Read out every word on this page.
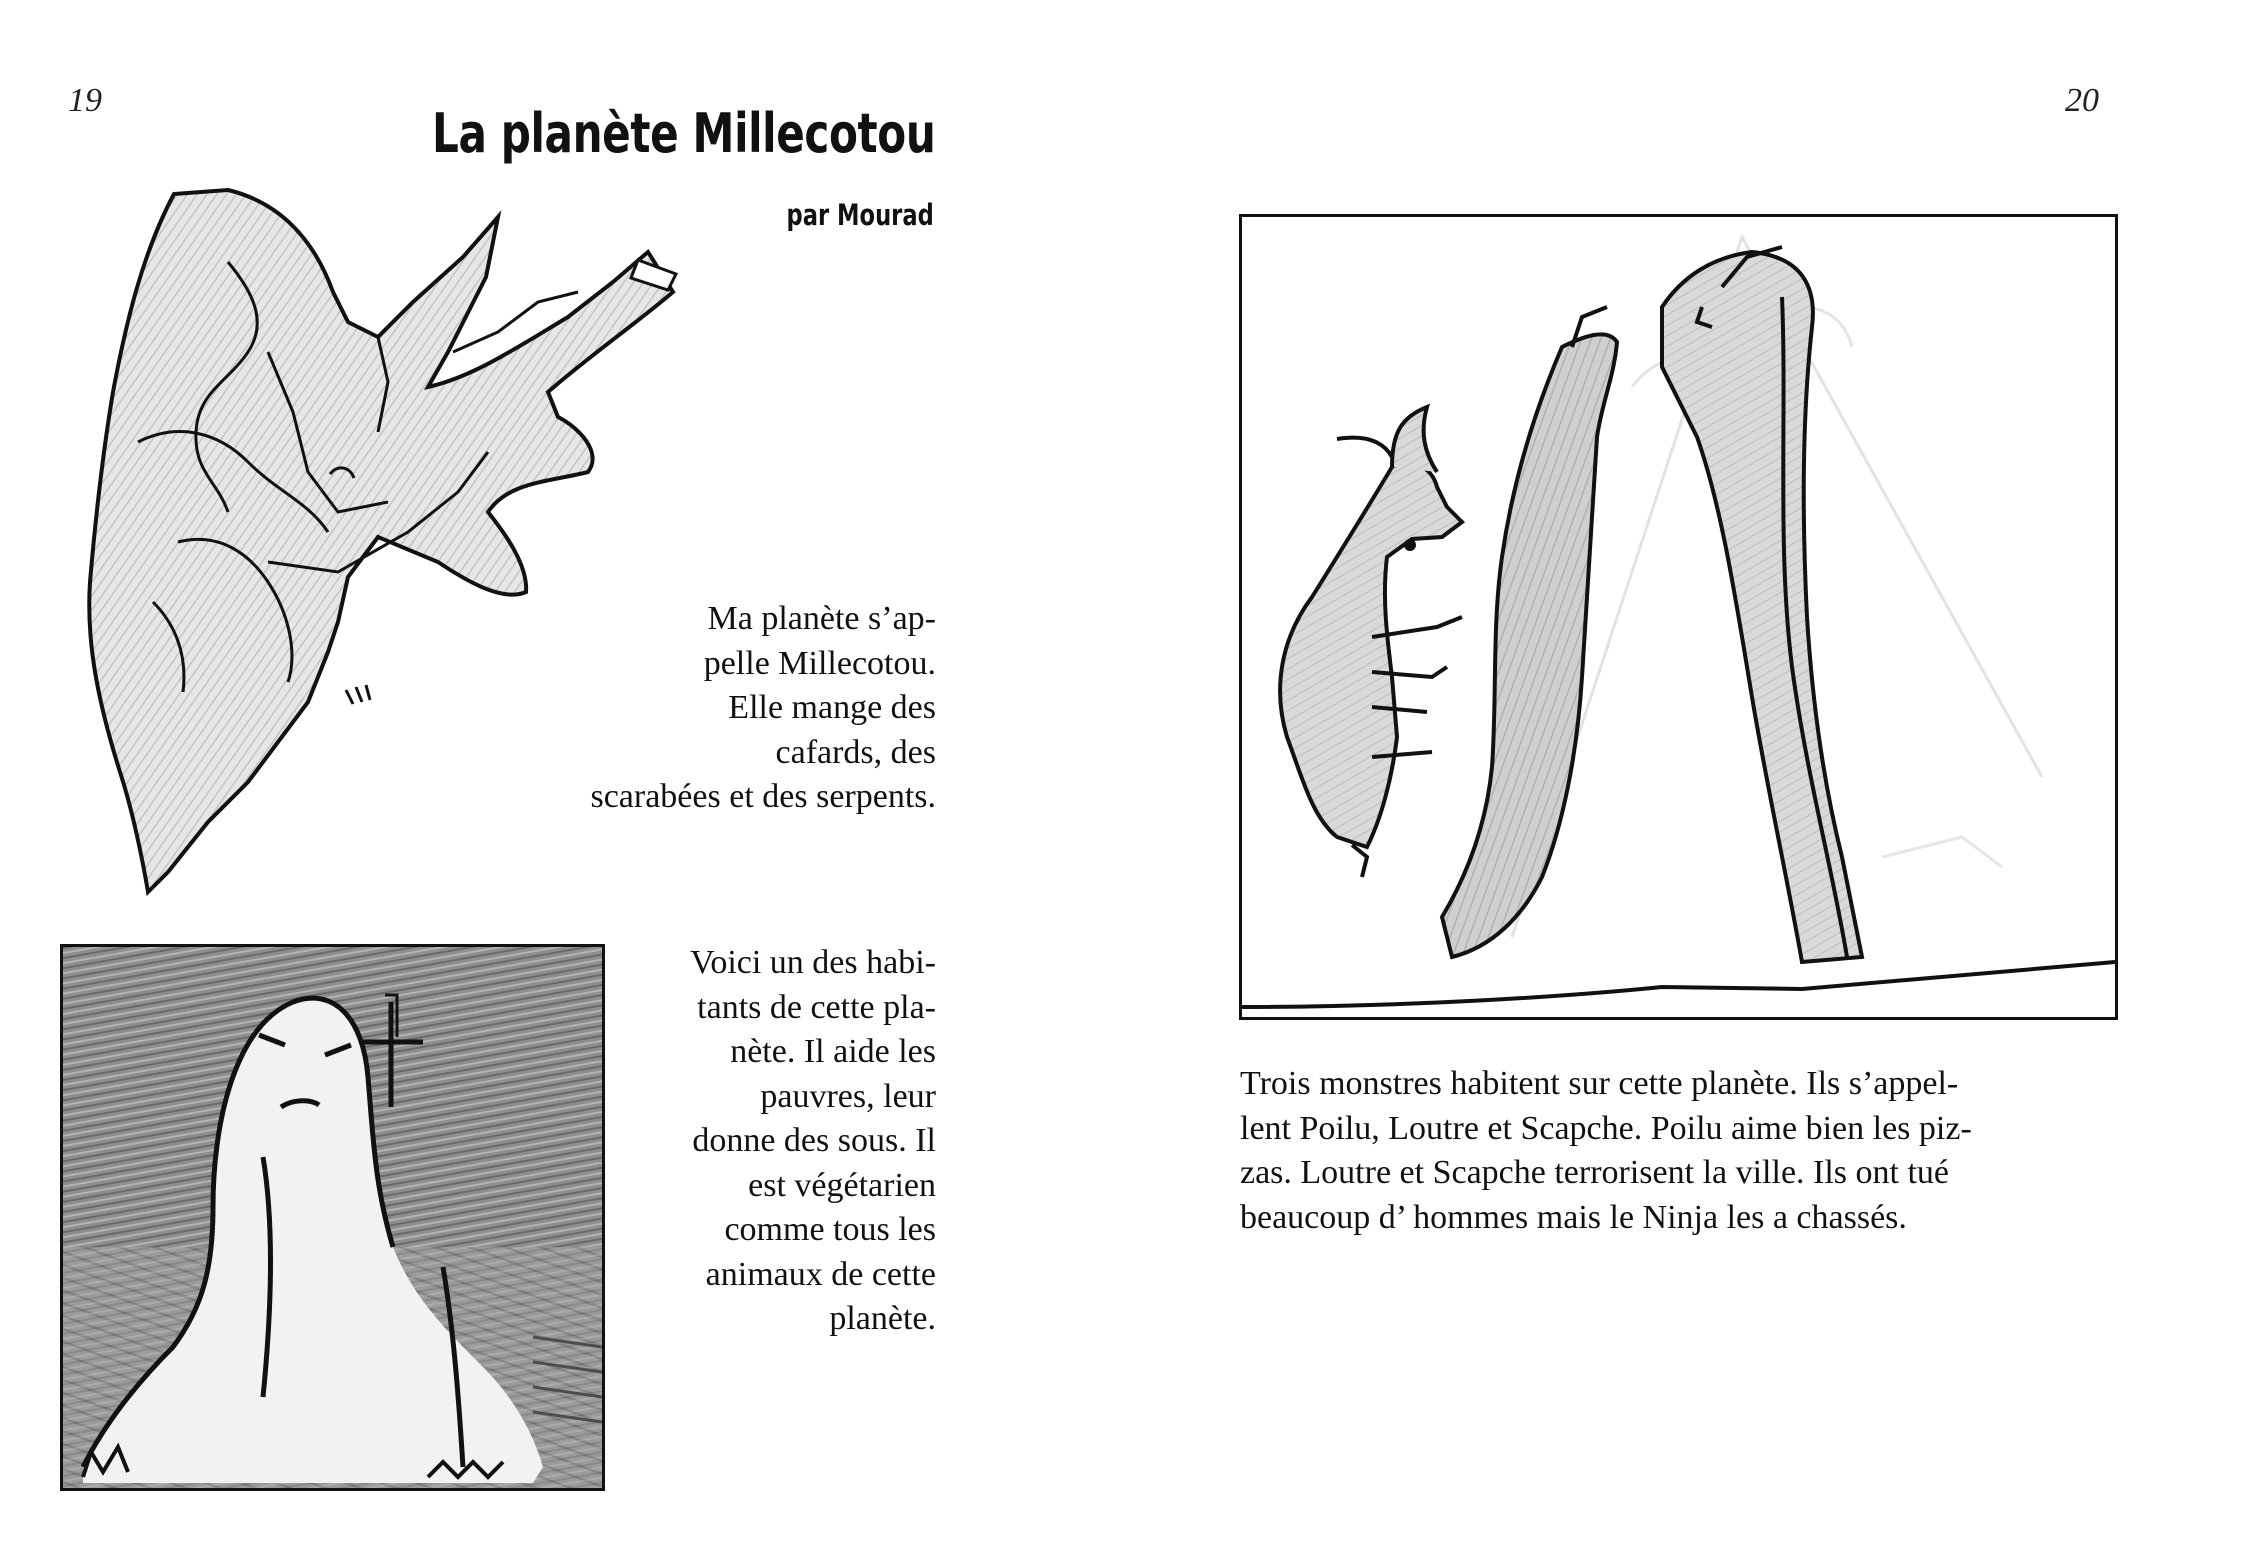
19
La planète Millecotou
par Mourad
Ma planète s’ap-
pelle Millecotou.
Elle mange des
cafards, des
scarabées et des serpents.
Voici un des habi-
tants de cette pla-
nète. Il aide les
pauvres, leur
donne des sous. Il
est végétarien
comme tous les
animaux de cette
planète.
20
Trois monstres habitent sur cette planète. Ils s’appel-
lent Poilu, Loutre et Scapche. Poilu aime bien les piz-
zas. Loutre et Scapche terrorisent la ville. Ils ont tué
beaucoup d’ hommes mais le Ninja les a chassés.
